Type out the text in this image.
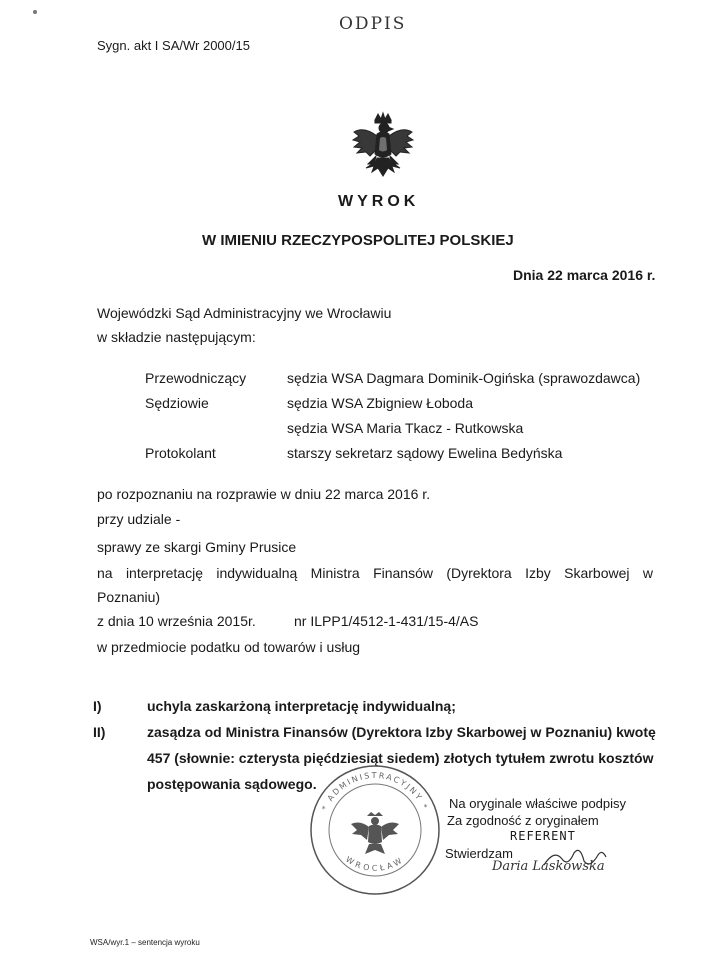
Sygn. akt I SA/Wr 2000/15
ODPIS
WYROK
W IMIENIU RZECZYPOSPOLITEJ POLSKIEJ
Dnia 22 marca 2016 r.
Wojewódzki Sąd Administracyjny we Wrocławiu
w składzie następującym:
Przewodniczący	sędzia WSA Dagmara Dominik-Ogińska (sprawozdawca)
Sędziowie	sędzia WSA Zbigniew Łoboda
sędzia WSA Maria Tkacz - Rutkowska
Protokolant	starszy sekretarz sądowy Ewelina Bedyńska
po rozpoznaniu na rozprawie w dniu 22 marca 2016 r.
przy udziale -
sprawy ze skargi Gminy Prusice
na interpretację indywidualną Ministra Finansów (Dyrektora Izby Skarbowej w
Poznaniu)
z dnia 10 września 2015r.	nr ILPP1/4512-1-431/15-4/AS
w przedmiocie podatku od towarów i usług
I)	uchyla zaskarżoną interpretację indywidualną;
II)	zasądza od Ministra Finansów (Dyrektora Izby Skarbowej w Poznaniu) kwotę
457 (słownie: czterysta pięćdziesiąt siedem) złotych tytułem zwrotu kosztów
postępowania sądowego.
* ADMINISTRACYJNY *
WROCŁAW
Na oryginale właściwe podpisy
Za zgodność z oryginałem
REFERENT
Stwierdzam
Daria Laskowska
WSA/wyr.1 – sentencja wyroku
